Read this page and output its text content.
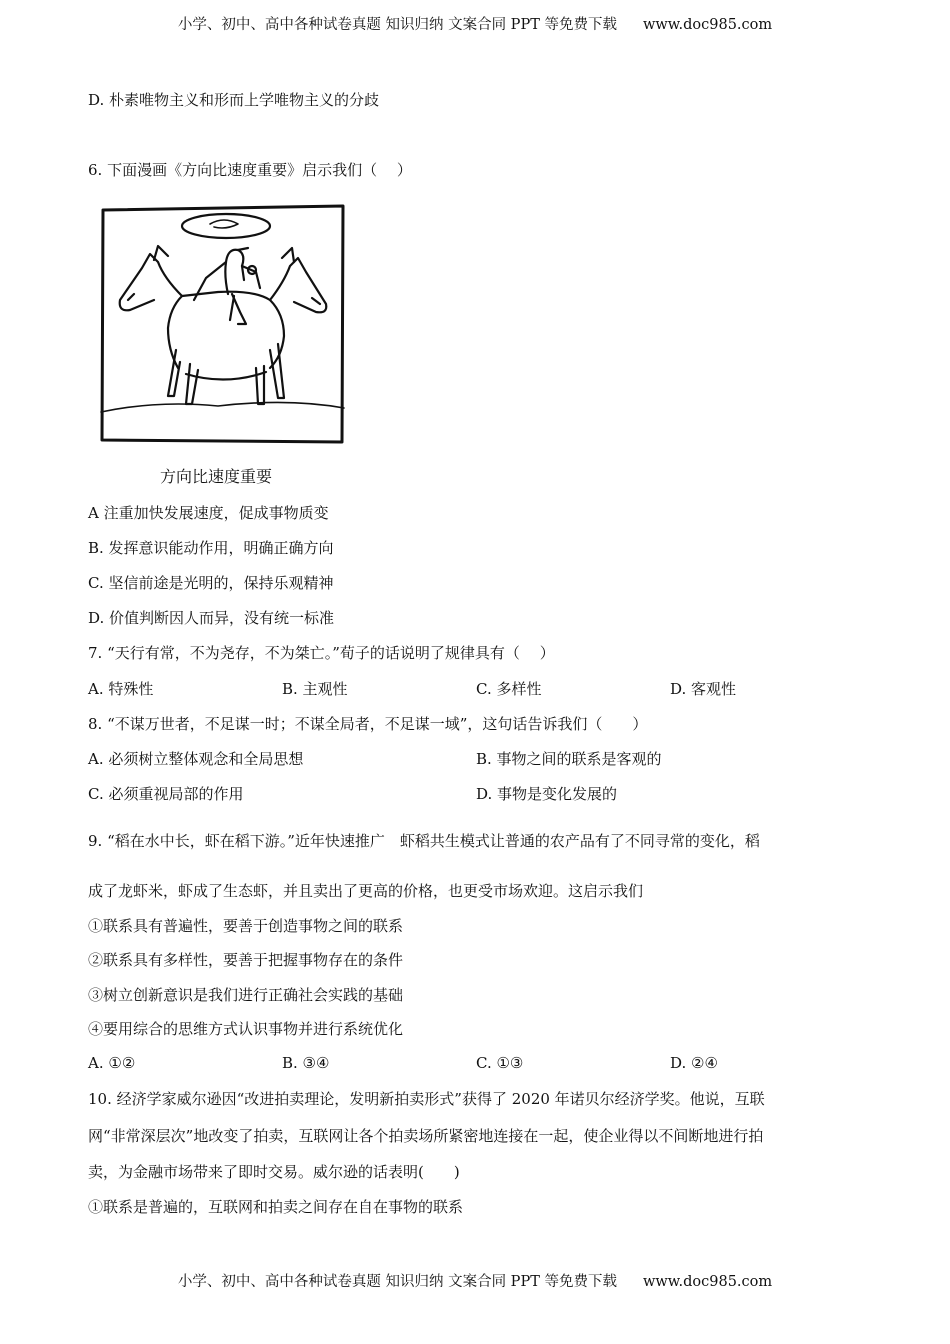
小学、初中、高中各种试卷真题 知识归纳 文案合同 PPT 等免费下载 www.doc985.com
D. 朴素唯物主义和形而上学唯物主义的分歧
6. 下面漫画《方向比速度重要》启示我们（　 ）
方向比速度重要
A 注重加快发展速度，促成事物质变
B. 发挥意识能动作用，明确正确方向
C. 坚信前途是光明的，保持乐观精神
D. 价值判断因人而异，没有统一标准
7. “天行有常，不为尧存，不为桀亡。”荀子的话说明了规律具有（　 ）
A. 特殊性	B. 主观性	C. 多样性	D. 客观性
8. “不谋万世者，不足谋一时；不谋全局者，不足谋一域”，这句话告诉我们（　　）
A. 必须树立整体观念和全局思想	B. 事物之间的联系是客观的
C. 必须重视局部的作用	D. 事物是变化发展的
9. “稻在水中长，虾在稻下游。”近年快速推广　虾稻共生模式让普通的农产品有了不同寻常的变化，稻
成了龙虾米，虾成了生态虾，并且卖出了更高的价格，也更受市场欢迎。这启示我们
①联系具有普遍性，要善于创造事物之间的联系
②联系具有多样性，要善于把握事物存在的条件
③树立创新意识是我们进行正确社会实践的基础
④要用综合的思维方式认识事物并进行系统优化
A. ①②	B. ③④	C. ①③	D. ②④
10. 经济学家威尔逊因“改进拍卖理论，发明新拍卖形式”获得了 2020 年诺贝尔经济学奖。他说，互联
网“非常深层次”地改变了拍卖，互联网让各个拍卖场所紧密地连接在一起，使企业得以不间断地进行拍
卖，为金融市场带来了即时交易。威尔逊的话表明(　　)
①联系是普遍的，互联网和拍卖之间存在自在事物的联系
小学、初中、高中各种试卷真题 知识归纳 文案合同 PPT 等免费下载 www.doc985.com
